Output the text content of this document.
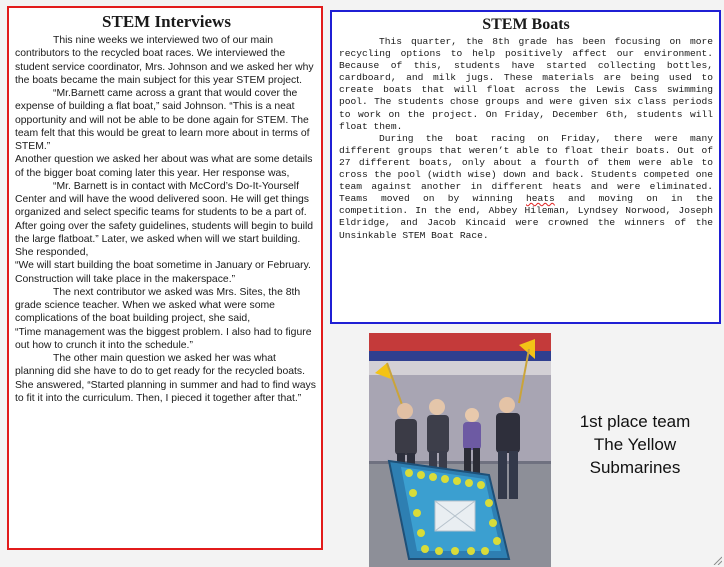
STEM Interviews

This nine weeks we interviewed two of our main contributors to the recycled boat races. We interviewed the student service coordinator, Mrs. Johnson and we asked her why the boats became the main subject for this year STEM project.

“Mr.Barnett came across a grant that would cover the expense of building a flat boat,” said Johnson. “This is a neat opportunity and will not be able to be done again for STEM. The team felt that this would be great to learn more about in terms of STEM.”

Another question we asked her about was what are some details of the bigger boat coming later this year. Her response was,

“Mr. Barnett is in contact with McCord’s Do-It-Yourself Center and will have the wood delivered soon. He will get things organized and select specific teams for students to be a part of. After going over the safety guidelines, students will begin to build the large flatboat.” Later, we asked when will we start building. She responded,

“We will start building the boat sometime in January or February. Construction will take place in the makerspace.”

The next contributor we asked was Mrs. Sites, the 8th grade science teacher. When we asked what were some complications of the boat building project, she said,

“Time management was the biggest problem. I also had to figure out how to crunch it into the schedule.”

The other main question we asked her was what planning did she have to do to get ready for the recycled boats. She answered, “Started planning in summer and had to find ways to fit it into the curriculum. Then, I pieced it together after that.”

STEM Boats

This quarter, the 8th grade has been focusing on more recycling options to help positively affect our environment. Because of this, students have started collecting bottles, cardboard, and milk jugs. These materials are being used to create boats that will float across the Lewis Cass swimming pool. The students chose groups and were given six class periods to work on the project. On Friday, December 6th, students will float them.

During the boat racing on Friday, there were many different groups that weren’t able to float their boats. Out of 27 different boats, only about a fourth of them were able to cross the pool (width wise) down and back. Students competed one team against another in different heats and were eliminated. Teams moved on by winning heats and moving on in the competition. In the end, Abbey Hileman, Lyndsey Norwood, Joseph Eldridge, and Jacob Kincaid were crowned the winners of the Unsinkable STEM Boat Race.

1st place team
The Yellow
Submarines
